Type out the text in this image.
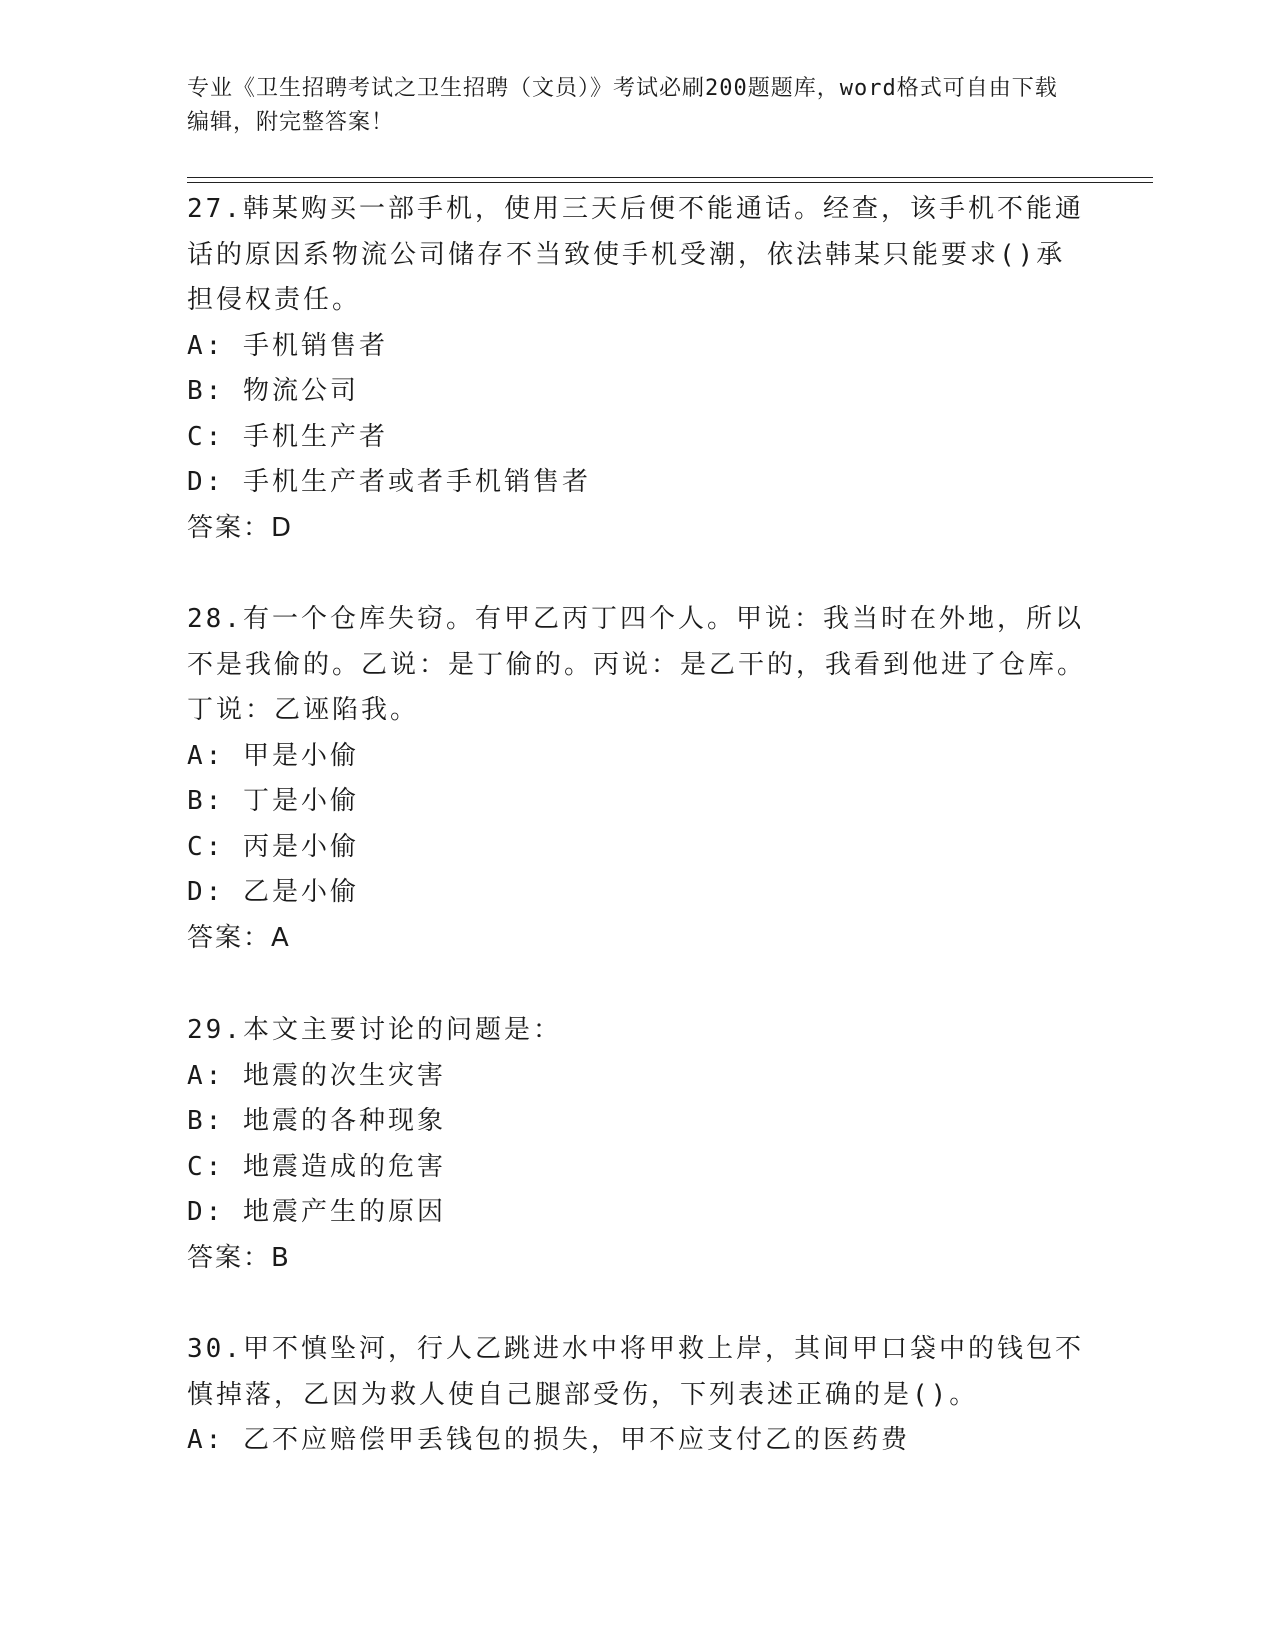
专业《卫生招聘考试之卫生招聘（文员）》考试必刷200题题库，word格式可自由下载编辑，附完整答案！

27.韩某购买一部手机，使用三天后便不能通话。经查，该手机不能通话的原因系物流公司储存不当致使手机受潮，依法韩某只能要求()承担侵权责任。

A: 手机销售者
B: 物流公司
C: 手机生产者
D: 手机生产者或者手机销售者
答案：D

28.有一个仓库失窃。有甲乙丙丁四个人。甲说：我当时在外地，所以不是我偷的。乙说：是丁偷的。丙说：是乙干的，我看到他进了仓库。丁说：乙诬陷我。

A: 甲是小偷
B: 丁是小偷
C: 丙是小偷
D: 乙是小偷
答案：A

29.本文主要讨论的问题是：

A: 地震的次生灾害
B: 地震的各种现象
C: 地震造成的危害
D: 地震产生的原因
答案：B

30.甲不慎坠河，行人乙跳进水中将甲救上岸，其间甲口袋中的钱包不慎掉落，乙因为救人使自己腿部受伤，下列表述正确的是()。

A: 乙不应赔偿甲丢钱包的损失，甲不应支付乙的医药费
